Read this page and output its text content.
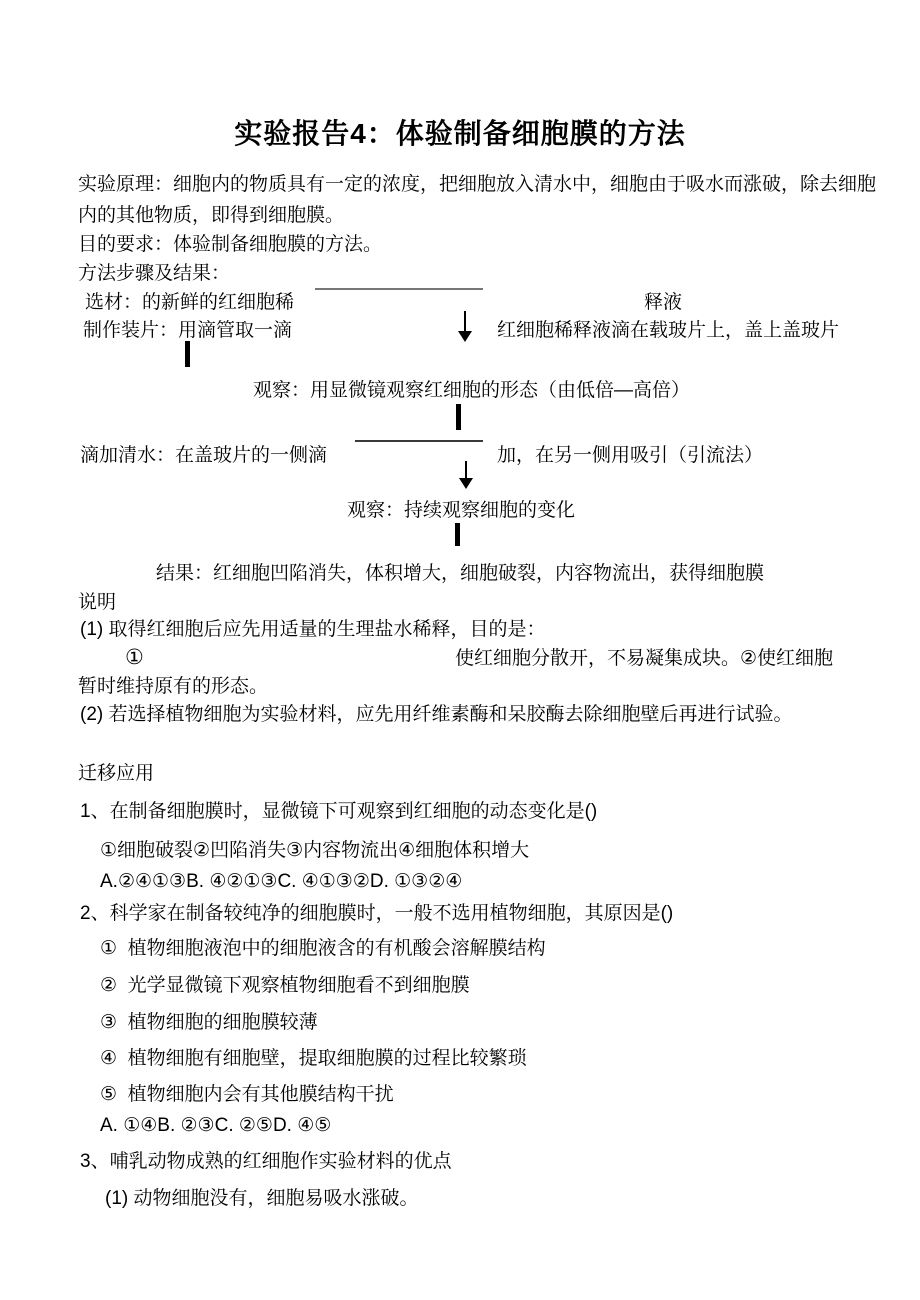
实验报告4：体验制备细胞膜的方法
实验原理：细胞内的物质具有一定的浓度，把细胞放入清水中，细胞由于吸水而涨破，除去细胞内的其他物质，即得到细胞膜。
目的要求：体验制备细胞膜的方法。
方法步骤及结果：
选材：的新鲜的红细胞稀	释液
制作装片：用滴管取一滴	红细胞稀释液滴在载玻片上，盖上盖玻片
观察：用显微镜观察红细胞的形态（由低倍—高倍）
滴加清水：在盖玻片的一侧滴	加，在另一侧用吸引（引流法）
观察：持续观察细胞的变化
结果：红细胞凹陷消失，体积增大，细胞破裂，内容物流出，获得细胞膜
说明
(1) 取得红细胞后应先用适量的生理盐水稀释，目的是：
①	使红细胞分散开，不易凝集成块。②使红细胞
暂时维持原有的形态。
(2) 若选择植物细胞为实验材料，应先用纤维素酶和呆胶酶去除细胞壁后再进行试验。
迁移应用
1、在制备细胞膜时，显微镜下可观察到红细胞的动态变化是()
①细胞破裂②凹陷消失③内容物流出④细胞体积增大
A.②④①③B. ④②①③C. ④①③②D. ①③②④
2、科学家在制备较纯净的细胞膜时，一般不选用植物细胞，其原因是()
① 植物细胞液泡中的细胞液含的有机酸会溶解膜结构
② 光学显微镜下观察植物细胞看不到细胞膜
③ 植物细胞的细胞膜较薄
④ 植物细胞有细胞壁，提取细胞膜的过程比较繁琐
⑤ 植物细胞内会有其他膜结构干扰
A. ①④B. ②③C. ②⑤D. ④⑤
3、哺乳动物成熟的红细胞作实验材料的优点
(1) 动物细胞没有，细胞易吸水涨破。
